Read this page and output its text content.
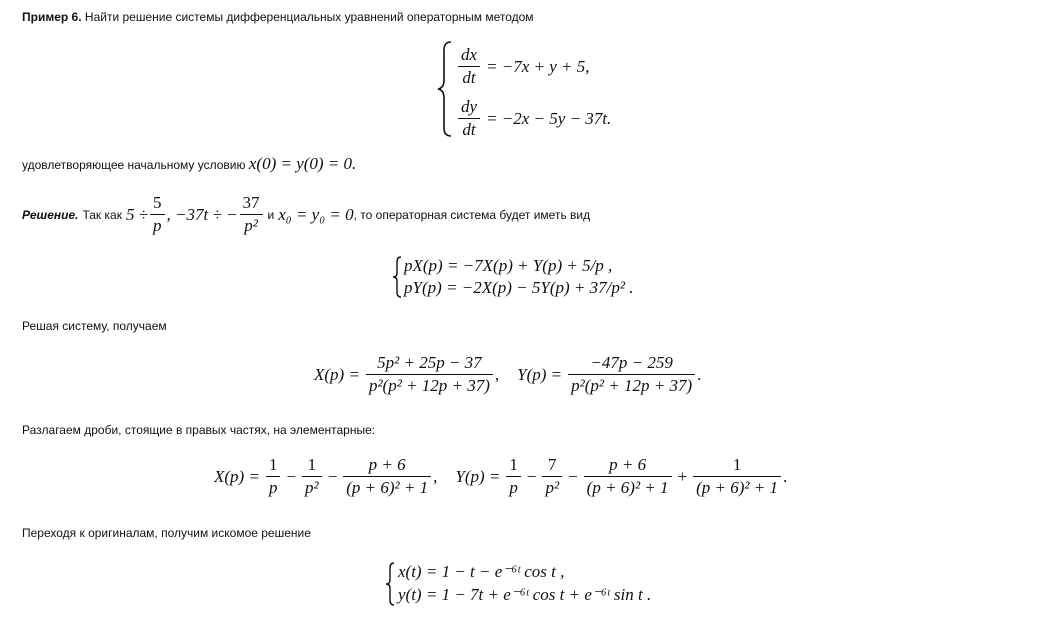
Пример 6. Найти решение системы дифференциальных уравнений операторным методом
$\frac{dx}{dt} = -7x + y + 5$,
$\frac{dy}{dt} = -2x - 5y - 37t$.
удовлетворяющее начальному условию x(0) = y(0) = 0.
Решение. Так как $5 \div \frac{5}{p}$ , −37t ÷ − $\frac{37}{\text{p²}}$ и x₀ = y₀ = 0 , то операторная система будет иметь вид
pX(p) = −7X(p) + Y(p) + 5/p ,
pY(p) = −2X(p) − 5Y(p) + 37/p² .
Решая систему, получаем
$X(p) = \frac{\text{5p² + 25p − 37}}{\text{p²(p² + 12p + 37)}}$ , $Y(p) = \frac{-47p - 259}{\text{p²(p² + 12p + 37)}}$ .
Разлагаем дроби, стоящие в правых частях, на элементарные:
$X(p) = \frac{1}{p} - \frac{1}{\text{p²}} - \frac{p + 6}{\text{(p + 6)² + 1}}$ , $Y(p) = \frac{1}{p} - \frac{7}{\text{p²}} - \frac{p + 6}{\text{(p + 6)² + 1}} + \frac{1}{\text{(p + 6)² + 1}}$ .
Переходя к оригиналам, получим искомое решение
x(t) = 1 − t − e⁻⁶ᵗ cos t ,
y(t) = 1 − 7t + e⁻⁶ᵗ cos t + e⁻⁶ᵗ sin t .
